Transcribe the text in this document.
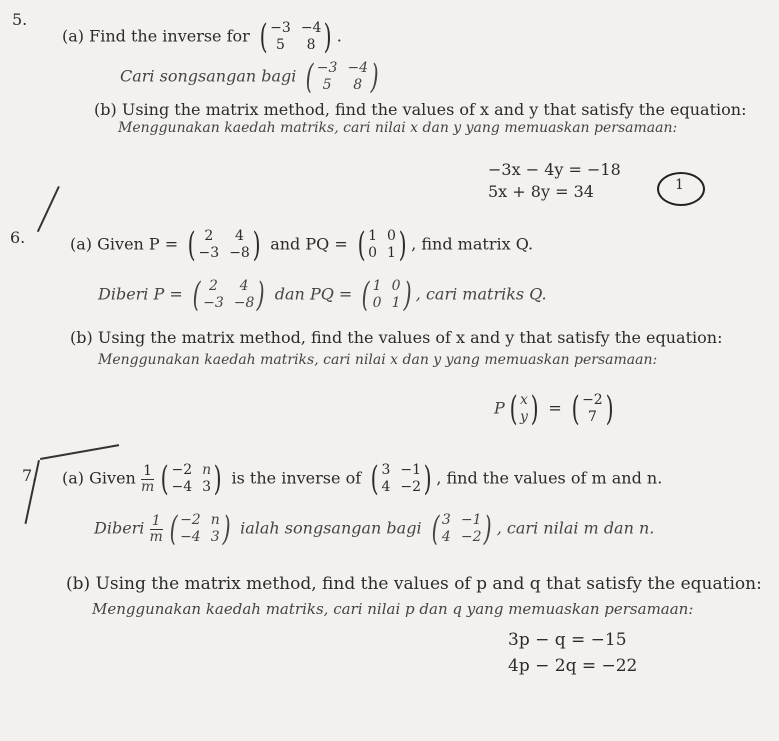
5.
(a) Find the inverse for ( −3 −4
5	8 ) .
Cari songsangan bagi ( −3 −4
5	8 )
(b) Using the matrix method, find the values of x and y that satisfy the equation:
Menggunakan kaedah matriks, cari nilai x dan y yang memuaskan persamaan:
−3x − 4y = −18
5x + 8y = 34	1
6.	(a) Given P = ( 2	4
−3 −8 ) and PQ = ( 1 0
0 1 ) , find matrix Q.
Diberi P = ( 2	4
−3 −8 ) dan PQ = ( 1 0
0 1 ) , cari matriks Q.
(b) Using the matrix method, find the values of x and y that satisfy the equation:
Menggunakan kaedah matriks, cari nilai x dan y yang memuaskan persamaan:
P ( x
y ) = ( −2
7 )
7. (a) Given $\frac{1}{m}$ ( −2 n
−4 3 ) is the inverse of ( 3 −1
4 −2 ) , find the values of m and n.
Diberi $\frac{1}{m}$ ( −2 n
−4 3 ) ialah songsangan bagi ( 3 −1
4 −2 ) , cari nilai m dan n.
(b) Using the matrix method, find the values of p and q that satisfy the equation:
Menggunakan kaedah matriks, cari nilai p dan q yang memuaskan persamaan:
3p − q = −15
4p − 2q = −22
